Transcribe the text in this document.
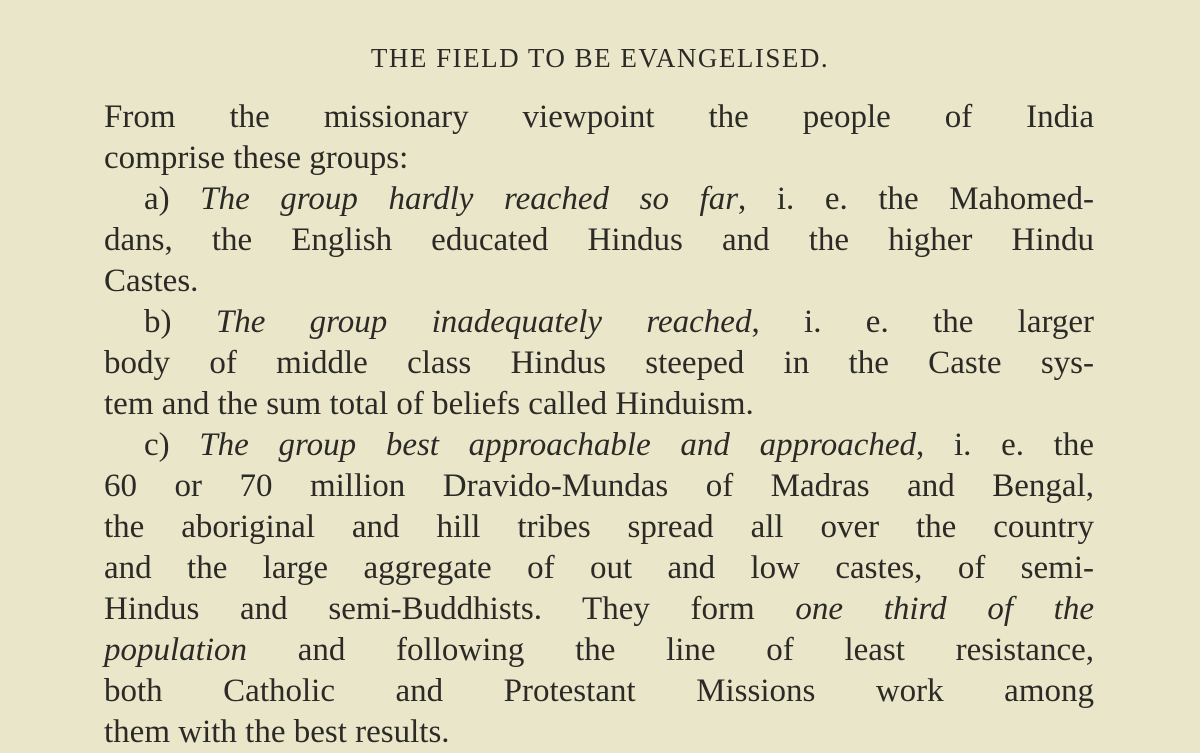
THE FIELD TO BE EVANGELISED.
From the missionary viewpoint the people of India
comprise these groups:
a) The group hardly reached so far, i. e. the Mahomed-
dans, the English educated Hindus and the higher Hindu
Castes.
b) The group inadequately reached, i. e. the larger
body of middle class Hindus steeped in the Caste sys-
tem and the sum total of beliefs called Hinduism.
c) The group best approachable and approached, i. e. the
60 or 70 million Dravido-Mundas of Madras and Bengal,
the aboriginal and hill tribes spread all over the country
and the large aggregate of out and low castes, of semi-
Hindus and semi-Buddhists. They form one third of the
population and following the line of least resistance,
both Catholic and Protestant Missions work among
them with the best results.
